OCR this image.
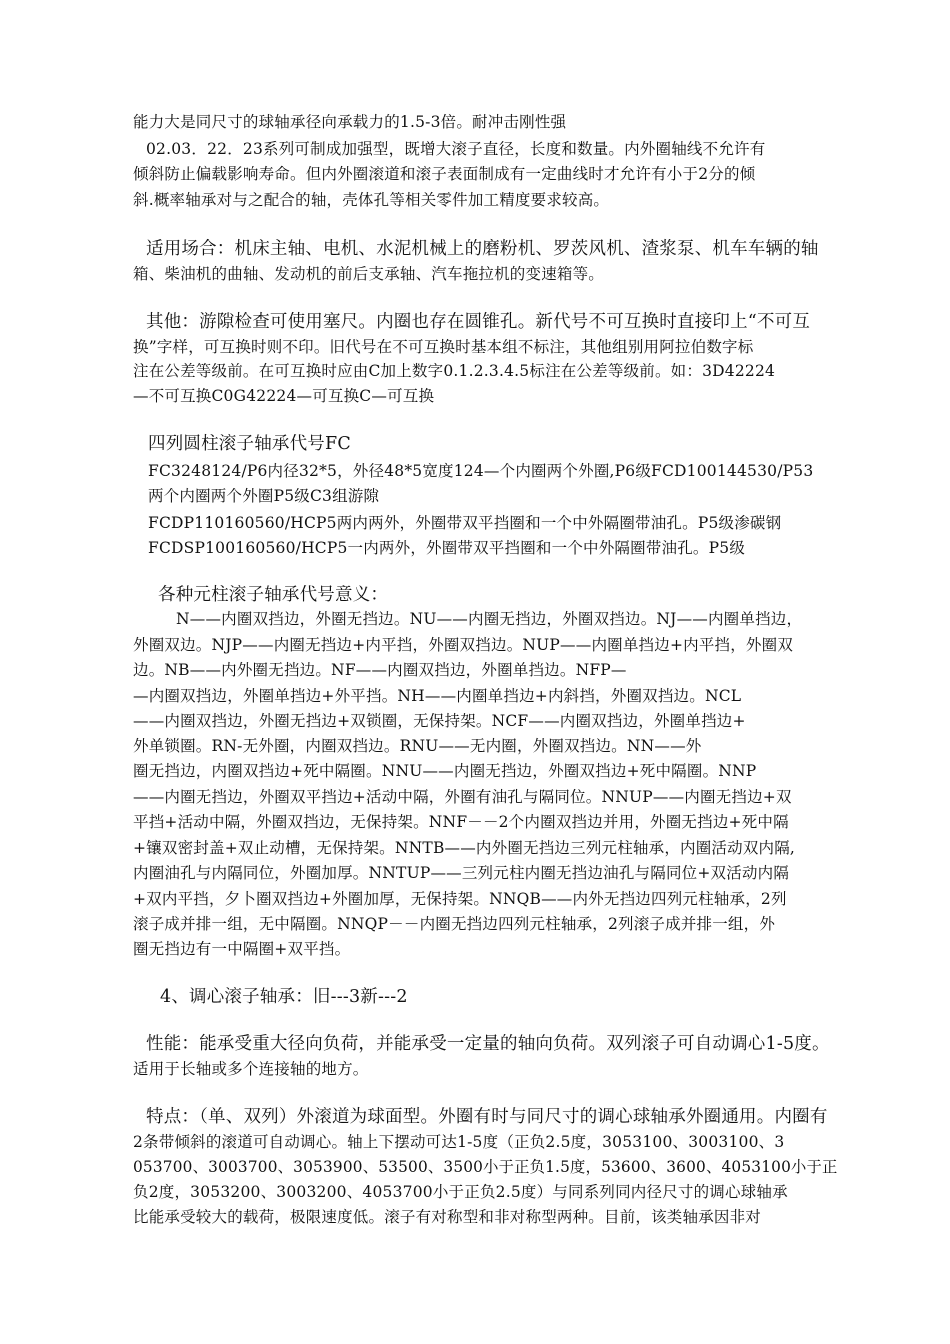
能力大是同尺寸的球轴承径向承载力的1.5-3倍。耐冲击刚性强
02.03．22．23系列可制成加强型，既增大滚子直径，长度和数量。内外圈轴线不允许有
倾斜防止偏载影响寿命。但内外圈滚道和滚子表面制成有一定曲线时才允许有小于2分的倾
斜.概率轴承对与之配合的轴，壳体孔等相关零件加工精度要求较高。
适用场合：机床主轴、电机、水泥机械上的磨粉机、罗茨风机、渣浆泵、机车车辆的轴
箱、柴油机的曲轴、发动机的前后支承轴、汽车拖拉机的变速箱等。
其他：游隙检查可使用塞尺。内圈也存在圆锥孔。新代号不可互换时直接印上“不可互
换”字样，可互换时则不印。旧代号在不可互换时基本组不标注，其他组别用阿拉伯数字标
注在公差等级前。在可互换时应由C加上数字0.1.2.3.4.5标注在公差等级前。如：3D42224
—不可互换C0G42224—可互换C—可互换
四列圆柱滚子轴承代号FC
FC3248124/P6内径32*5，外径48*5宽度124—个内圈两个外圈,P6级FCD100144530/P53
两个内圈两个外圈P5级C3组游隙
FCDP110160560/HCP5两内两外，外圈带双平挡圈和一个中外隔圈带油孔。P5级渗碳钢
FCDSP100160560/HCP5一内两外，外圈带双平挡圈和一个中外隔圈带油孔。P5级
各种元柱滚子轴承代号意义：
N——内圈双挡边，外圈无挡边。NU——内圈无挡边，外圈双挡边。NJ——内圈单挡边，
外圈双边。NJP——内圈无挡边+内平挡，外圈双挡边。NUP——内圈单挡边+内平挡，外圈双
边。NB——内外圈无挡边。NF——内圈双挡边，外圈单挡边。NFP—
—内圈双挡边，外圈单挡边+外平挡。NH——内圈单挡边+内斜挡，外圈双挡边。NCL
——内圈双挡边，外圈无挡边+双锁圈，无保持架。NCF——内圈双挡边，外圈单挡边+
外单锁圈。RN-无外圈，内圈双挡边。RNU——无内圈，外圈双挡边。NN——外
圈无挡边，内圈双挡边+死中隔圈。NNU——内圈无挡边，外圈双挡边+死中隔圈。NNP
——内圈无挡边，外圈双平挡边+活动中隔，外圈有油孔与隔同位。NNUP——内圈无挡边+双
平挡+活动中隔，外圈双挡边，无保持架。NNF－－2个内圈双挡边并用，外圈无挡边+死中隔
+镶双密封盖+双止动槽，无保持架。NNTB——内外圈无挡边三列元柱轴承，内圈活动双内隔,
内圈油孔与内隔同位，外圈加厚。NNTUP——三列元柱内圈无挡边油孔与隔同位+双活动内隔
+双内平挡，夕卜圈双挡边+外圈加厚，无保持架。NNQB——内外无挡边四列元柱轴承，2列
滚子成并排一组，无中隔圈。NNQP－－内圈无挡边四列元柱轴承，2列滚子成并排一组，外
圈无挡边有一中隔圈+双平挡。
4、调心滚子轴承：旧---3新---2
性能：能承受重大径向负荷，并能承受一定量的轴向负荷。双列滚子可自动调心1-5度。
适用于长轴或多个连接轴的地方。
特点：（单、双列）外滚道为球面型。外圈有时与同尺寸的调心球轴承外圈通用。内圈有
2条带倾斜的滚道可自动调心。轴上下摆动可达1-5度（正负2.5度，3053100、3003100、3
053700、3003700、3053900、53500、3500小于正负1.5度，53600、3600、4053100小于正
负2度，3053200、3003200、4053700小于正负2.5度）与同系列同内径尺寸的调心球轴承
比能承受较大的载荷，极限速度低。滚子有对称型和非对称型两种。目前，该类轴承因非对
